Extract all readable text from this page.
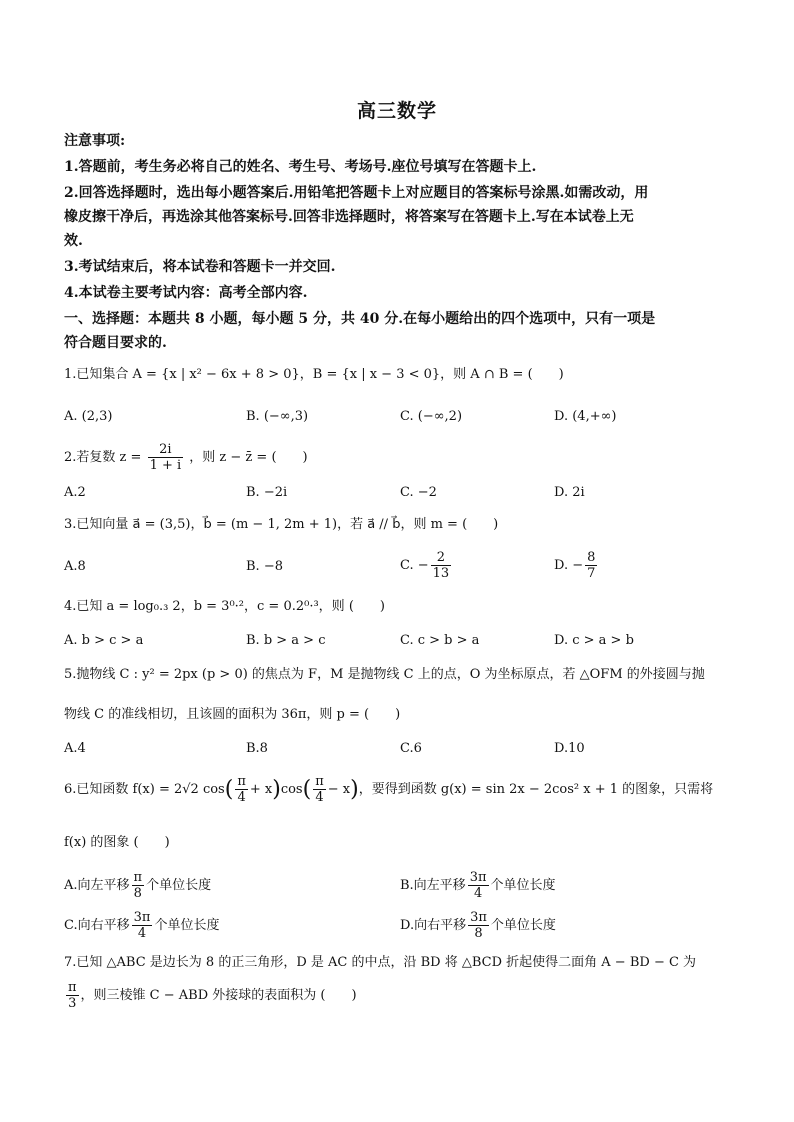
高三数学
注意事项:
1.答题前，考生务必将自己的姓名、考生号、考场号.座位号填写在答题卡上.
2.回答选择题时，选出每小题答案后.用铅笔把答题卡上对应题目的答案标号涂黑.如需改动，用
橡皮擦干净后，再选涂其他答案标号.回答非选择题时，将答案写在答题卡上.写在本试卷上无
效.
3.考试结束后，将本试卷和答题卡一并交回.
4.本试卷主要考试内容：高考全部内容.
一、选择题：本题共 8 小题，每小题 5 分，共 40 分.在每小题给出的四个选项中，只有一项是
符合题目要求的.
1.已知集合 A = {x | x² − 6x + 8 > 0}，B = {x | x − 3 < 0}，则 A ∩ B = (　　)
A. (2,3)	B. (−∞,3)	C. (−∞,2)	D. (4,+∞)
2.若复数 $z = \frac{2i}{1 + i}$ ，则 z − z̄ = (　　)
A.2	B. −2i	C. −2	D. 2i
3.已知向量 a⃗ = (3,5)，b⃗ = (m − 1, 2m + 1)，若 a⃗ // b⃗，则 m = (　　)
A.8	B. −8	C. − $\frac{2}{13}$	D. − $\frac{8}{7}$
4.已知 a = log₀.₃ 2，b = 3⁰·²，c = 0.2⁰·³，则 (　　)
A. b > c > a	B. b > a > c	C. c > b > a	D. c > a > b
5.抛物线 C : y² = 2px (p > 0) 的焦点为 F，M 是抛物线 C 上的点，O 为坐标原点，若 △OFM 的外接圆与抛
物线 C 的准线相切，且该圆的面积为 36π，则 p = (　　)
A.4	B.8	C.6	D.10
6.已知函数 f(x) = 2√2 $\cos( \frac{\pi}{4} + x)\cos( \frac{\pi}{4} - x)$，要得到函数 g(x) = sin 2x − 2cos² x + 1 的图象，只需将
f(x) 的图象 (　　)
A.向左平移 $\frac{\pi}{8}$ 个单位长度	B.向左平移 $\frac{3\pi}{4}$ 个单位长度
C.向右平移 $\frac{3\pi}{4}$ 个单位长度	D.向右平移 $\frac{3\pi}{8}$ 个单位长度
7.已知 △ABC 是边长为 8 的正三角形，D 是 AC 的中点，沿 BD 将 △BCD 折起使得二面角 A − BD − C 为
$\frac{\pi}{3}$ ，则三棱锥 C − ABD 外接球的表面积为 (　　)
